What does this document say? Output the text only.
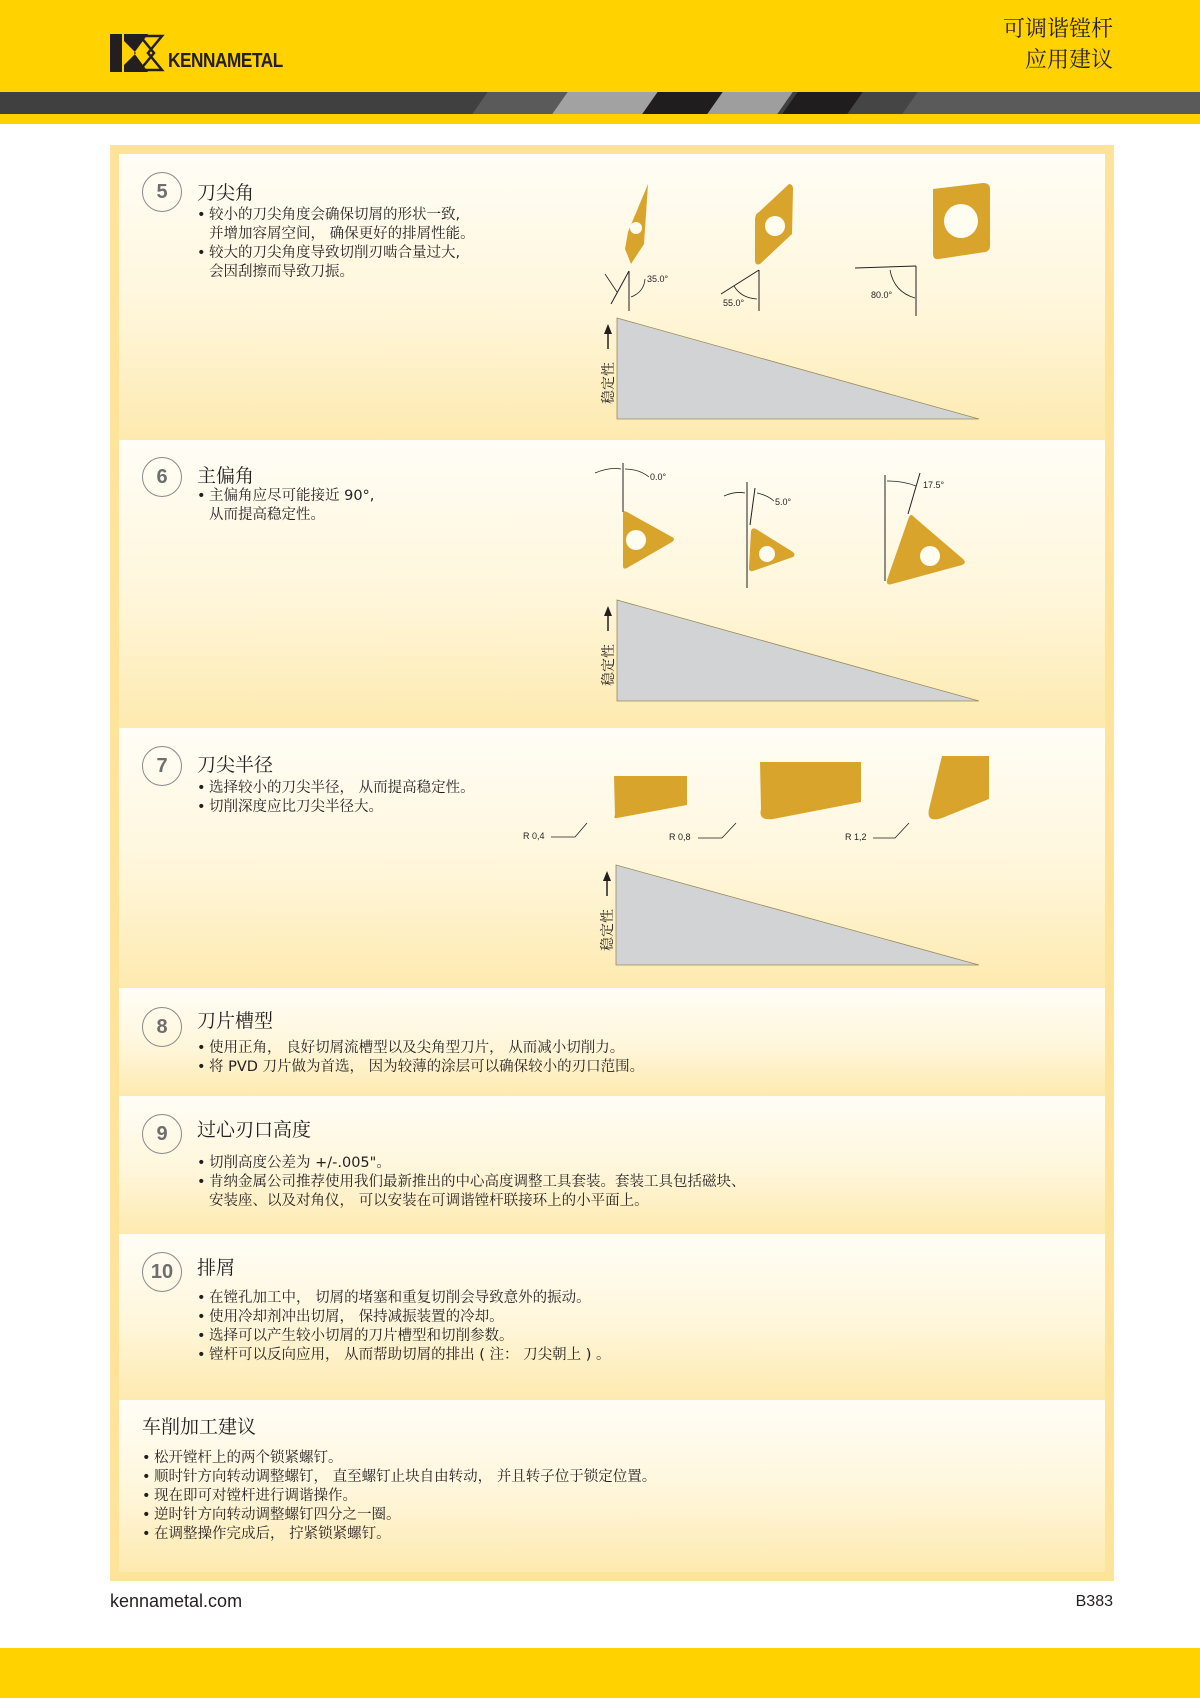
KENNAMETAL
可调谐镗杆
应用建议
5	刀尖角
• 较小的刀尖角度会确保切屑的形状一致,
并增加容屑空间， 确保更好的排屑性能。
• 较大的刀尖角度导致切削刃啮合量过大,
会因刮擦而导致刀振。	35.0°
55.0°
80.0°
稳定性
6	主偏角
• 主偏角应尽可能接近 90°,
从而提高稳定性。
0.0°
5.0°
17.5°
稳定性
7	刀尖半径
• 选择较小的刀尖半径， 从而提高稳定性。
• 切削深度应比刀尖半径大。
R 0,4	R 0,8	R 1,2
稳定性
8	刀片槽型
• 使用正角， 良好切屑流槽型以及尖角型刀片， 从而减小切削力。
• 将 PVD 刀片做为首选， 因为较薄的涂层可以确保较小的刃口范围。
9	过心刃口高度
• 切削高度公差为 +/-.005"。
• 肯纳金属公司推荐使用我们最新推出的中心高度调整工具套装。套装工具包括磁块、
安装座、以及对角仪， 可以安装在可调谐镗杆联接环上的小平面上。
10	排屑
• 在镗孔加工中， 切屑的堵塞和重复切削会导致意外的振动。
• 使用冷却剂冲出切屑， 保持减振装置的冷却。
• 选择可以产生较小切屑的刀片槽型和切削参数。
• 镗杆可以反向应用， 从而帮助切屑的排出 ( 注： 刀尖朝上 ) 。
车削加工建议
• 松开镗杆上的两个锁紧螺钉。
• 顺时针方向转动调整螺钉， 直至螺钉止块自由转动， 并且转子位于锁定位置。
• 现在即可对镗杆进行调谐操作。
• 逆时针方向转动调整螺钉四分之一圈。
• 在调整操作完成后， 拧紧锁紧螺钉。
kennametal.com	B383
